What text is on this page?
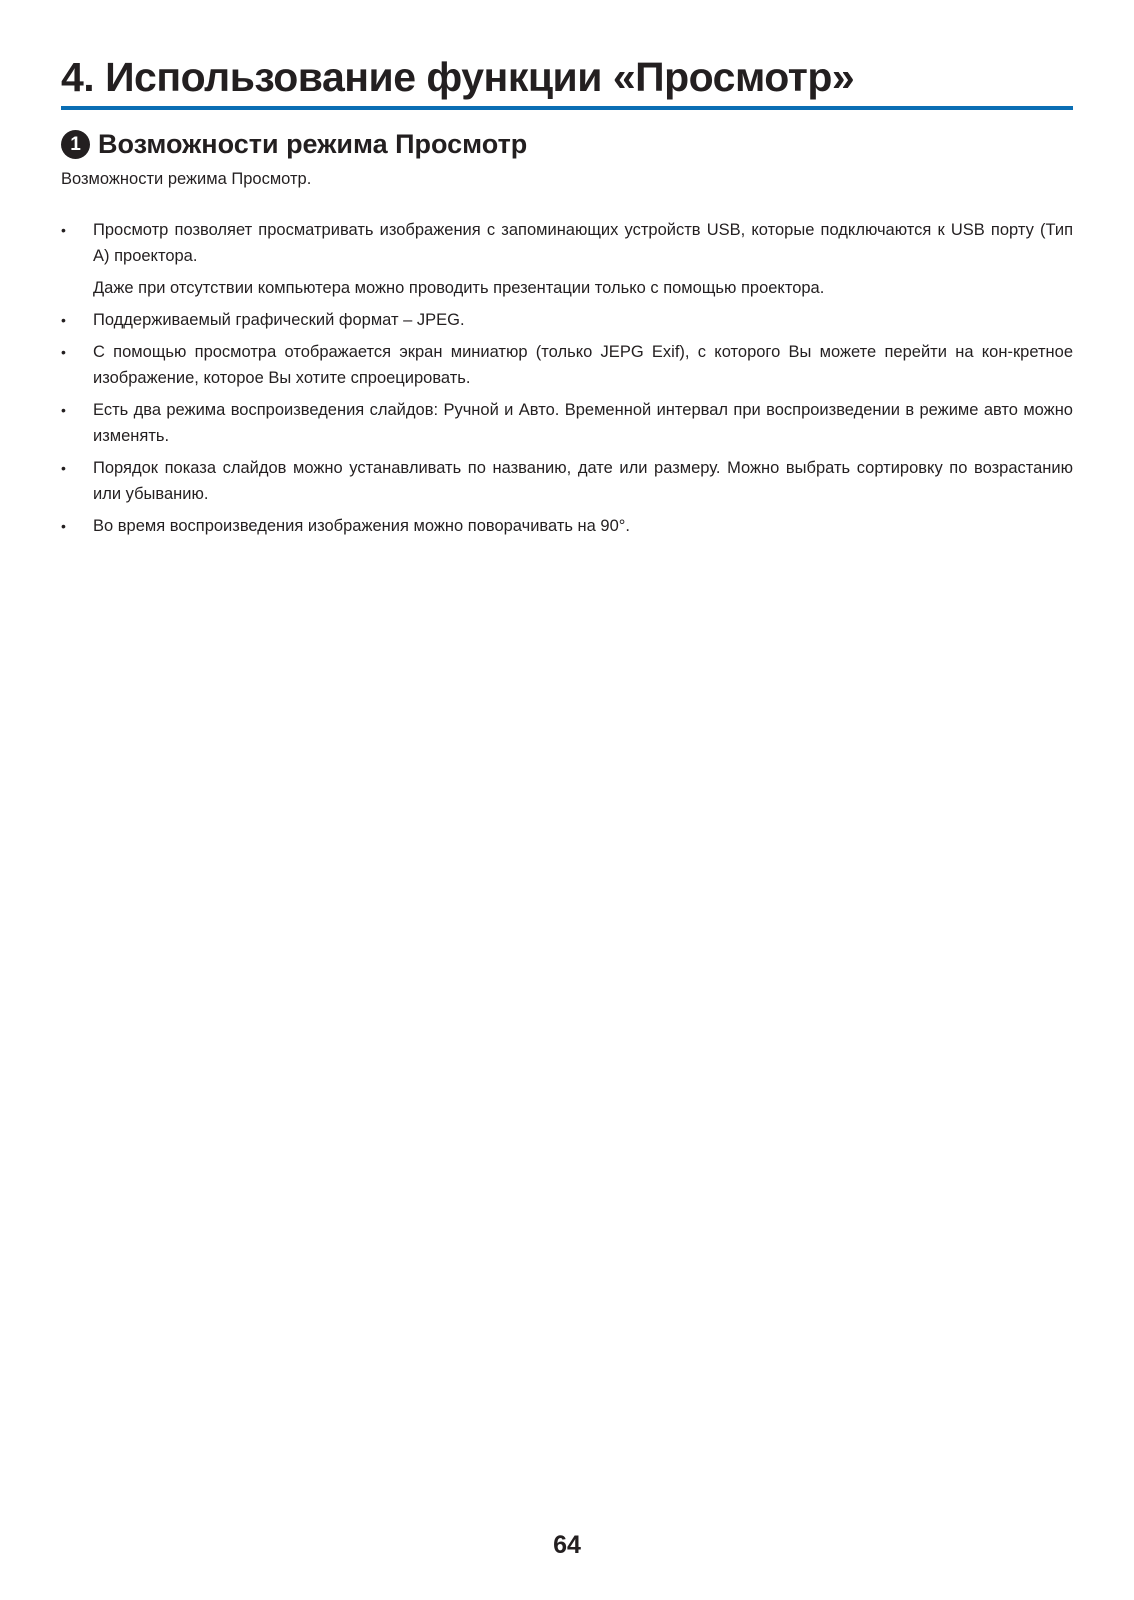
4. Использование функции «Просмотр»
1 Возможности режима Просмотр

Возможности режима Просмотр.

•	Просмотр позволяет просматривать изображения с запоминающих устройств USB, которые подключаются к USB порту (Тип А) проектора.
Даже при отсутствии компьютера можно проводить презентации только с помощью проектора.
•	Поддерживаемый графический формат – JPEG.
•	С помощью просмотра отображается экран миниатюр (только JEPG Exif), с которого Вы можете перейти на кон-кретное изображение, которое Вы хотите спроецировать.
•	Есть два режима воспроизведения слайдов: Ручной и Авто. Временной интервал при воспроизведении в режиме авто можно изменять.
•	Порядок показа слайдов можно устанавливать по названию, дате или размеру. Можно выбрать сортировку по возрастанию или убыванию.
•	Во время воспроизведения изображения можно поворачивать на 90°.
64
